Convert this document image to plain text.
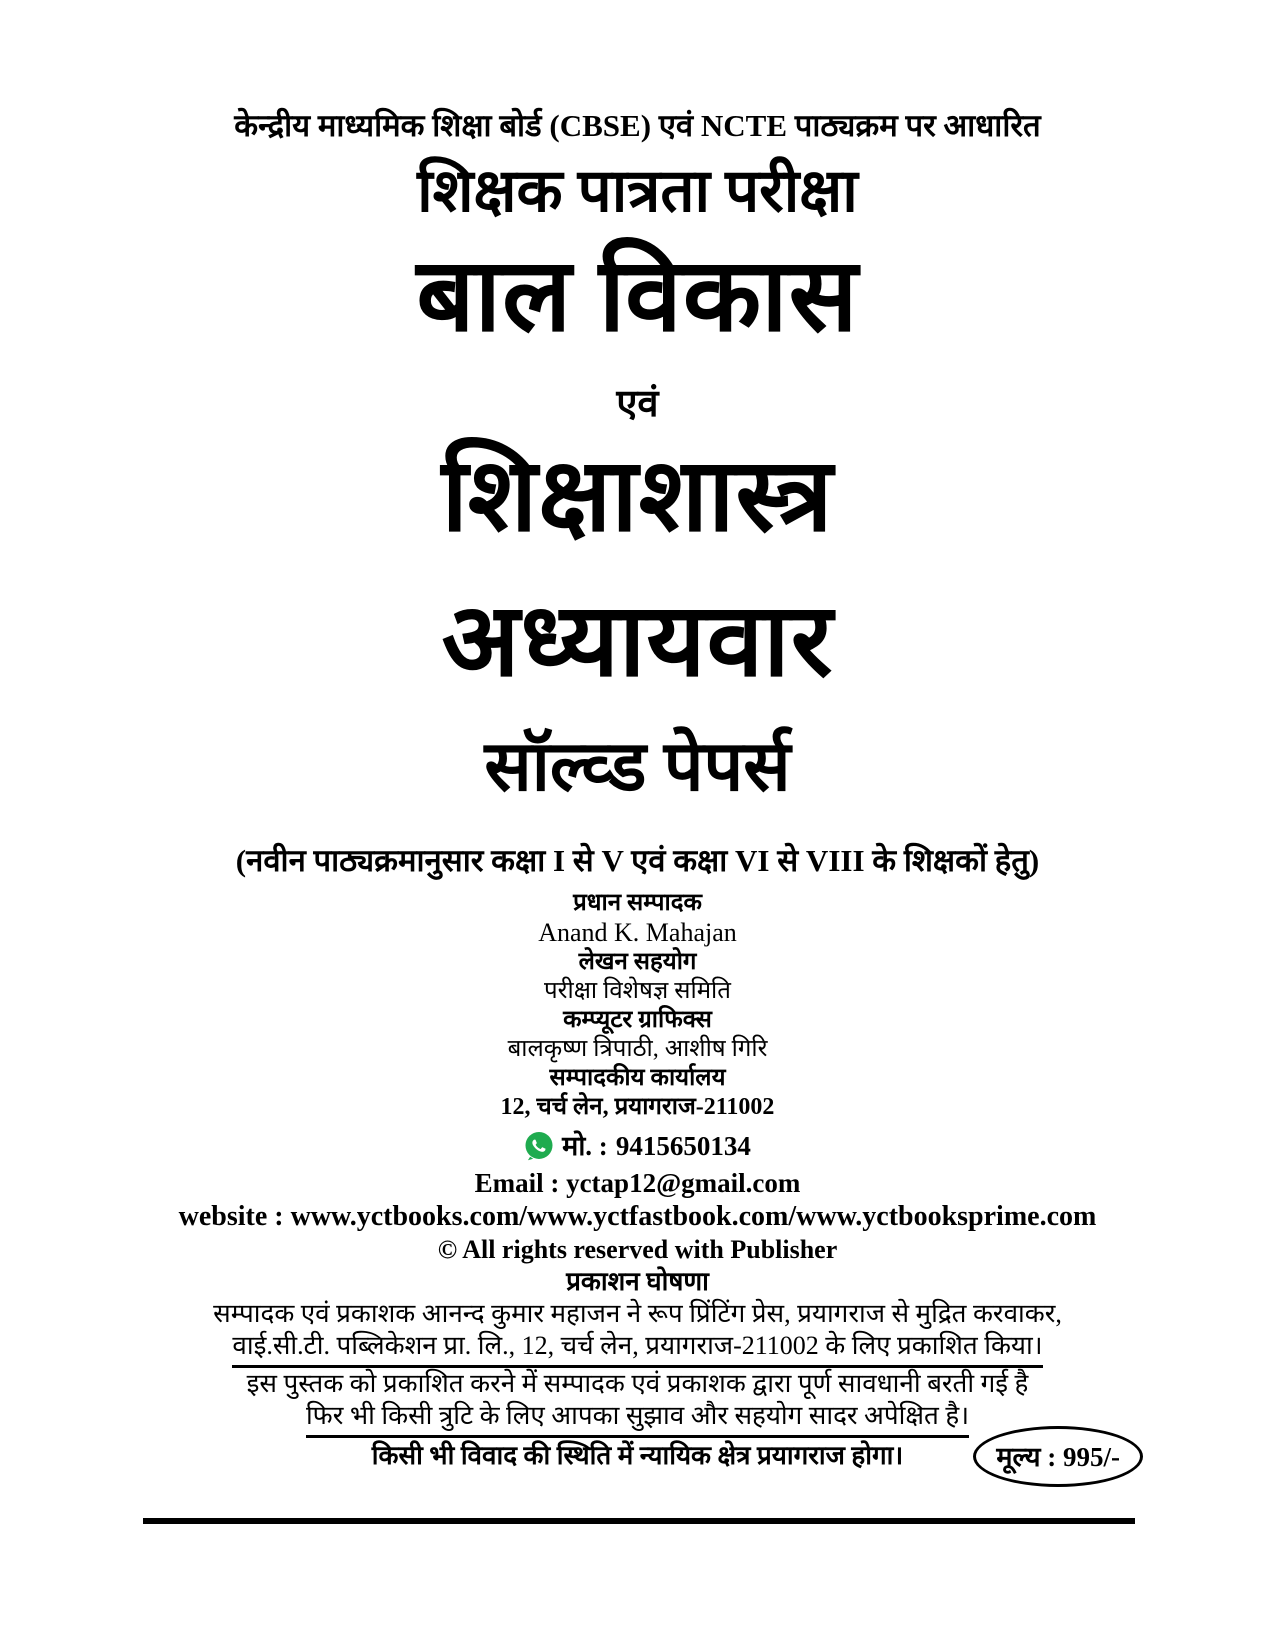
केन्द्रीय माध्यमिक शिक्षा बोर्ड (CBSE) एवं NCTE पाठ्यक्रम पर आधारित
शिक्षक पात्रता परीक्षा
बाल विकास
एवं
शिक्षाशास्त्र
अध्यायवार
सॉल्व्ड पेपर्स
(नवीन पाठ्यक्रमानुसार कक्षा I से V एवं कक्षा VI से VIII के शिक्षकों हेतु)
प्रधान सम्पादक
Anand K. Mahajan
लेखन सहयोग
परीक्षा विशेषज्ञ समिति
कम्प्यूटर ग्राफिक्स
बालकृष्ण त्रिपाठी, आशीष गिरि
सम्पादकीय कार्यालय
12, चर्च लेन, प्रयागराज-211002
मो. : 9415650134
Email : yctap12@gmail.com
website : www.yctbooks.com/www.yctfastbook.com/www.yctbooksprime.com
© All rights reserved with Publisher
प्रकाशन घोषणा
सम्पादक एवं प्रकाशक आनन्द कुमार महाजन ने रूप प्रिंटिंग प्रेस, प्रयागराज से मुद्रित करवाकर,
वाई.सी.टी. पब्लिकेशन प्रा. लि., 12, चर्च लेन, प्रयागराज-211002 के लिए प्रकाशित किया।
इस पुस्तक को प्रकाशित करने में सम्पादक एवं प्रकाशक द्वारा पूर्ण सावधानी बरती गई है
फिर भी किसी त्रुटि के लिए आपका सुझाव और सहयोग सादर अपेक्षित है।
किसी भी विवाद की स्थिति में न्यायिक क्षेत्र प्रयागराज होगा।	मूल्य : 995/-
